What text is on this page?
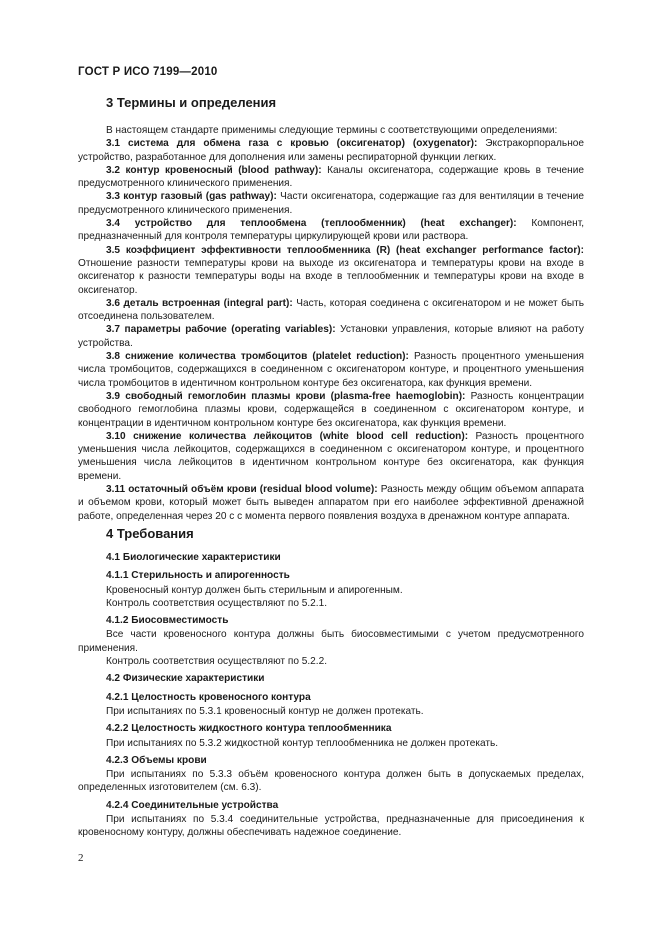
ГОСТ Р ИСО 7199—2010
3 Термины и определения

В настоящем стандарте применимы следующие термины с соответствующими определениями:

3.1 система для обмена газа с кровью (оксигенатор) (oxygenator): Экстракорпоральное устройство, разработанное для дополнения или замены респираторной функции легких.

3.2 контур кровеносный (blood pathway): Каналы оксигенатора, содержащие кровь в течение предусмотренного клинического применения.

3.3 контур газовый (gas pathway): Части оксигенатора, содержащие газ для вентиляции в течение предусмотренного клинического применения.

3.4 устройство для теплообмена (теплообменник) (heat exchanger): Компонент, предназначенный для контроля температуры циркулирующей крови или раствора.

3.5 коэффициент эффективности теплообменника (R) (heat exchanger performance factor): Отношение разности температуры крови на выходе из оксигенатора и температуры крови на входе в оксигенатор к разности температуры воды на входе в теплообменник и температуры крови на входе в оксигенатор.

3.6 деталь встроенная (integral part): Часть, которая соединена с оксигенатором и не может быть отсоединена пользователем.

3.7 параметры рабочие (operating variables): Установки управления, которые влияют на работу устройства.

3.8 снижение количества тромбоцитов (platelet reduction): Разность процентного уменьшения числа тромбоцитов, содержащихся в соединенном с оксигенатором контуре, и процентного уменьшения числа тромбоцитов в идентичном контрольном контуре без оксигенатора, как функция времени.

3.9 свободный гемоглобин плазмы крови (plasma-free haemoglobin): Разность концентрации свободного гемоглобина плазмы крови, содержащейся в соединенном с оксигенатором контуре, и концентрации в идентичном контрольном контуре без оксигенатора, как функция времени.

3.10 снижение количества лейкоцитов (white blood cell reduction): Разность процентного уменьшения числа лейкоцитов, содержащихся в соединенном с оксигенатором контуре, и процентного уменьшения числа лейкоцитов в идентичном контрольном контуре без оксигенатора, как функция времени.

3.11 остаточный объём крови (residual blood volume): Разность между общим объемом аппарата и объемом крови, который может быть выведен аппаратом при его наиболее эффективной дренажной работе, определенная через 20 с с момента первого появления воздуха в дренажном контуре аппарата.

4 Требования

4.1 Биологические характеристики

4.1.1 Стерильность и апирогенность

Кровеносный контур должен быть стерильным и апирогенным.

Контроль соответствия осуществляют по 5.2.1.

4.1.2 Биосовместимость

Все части кровеносного контура должны быть биосовместимыми с учетом предусмотренного применения.

Контроль соответствия осуществляют по 5.2.2.

4.2 Физические характеристики

4.2.1 Целостность кровеносного контура

При испытаниях по 5.3.1 кровеносный контур не должен протекать.

4.2.2 Целостность жидкостного контура теплообменника

При испытаниях по 5.3.2 жидкостной контур теплообменника не должен протекать.

4.2.3 Объемы крови

При испытаниях по 5.3.3 объём кровеносного контура должен быть в допускаемых пределах, определенных изготовителем (см. 6.3).

4.2.4 Соединительные устройства

При испытаниях по 5.3.4 соединительные устройства, предназначенные для присоединения к кровеносному контуру, должны обеспечивать надежное соединение.

2
